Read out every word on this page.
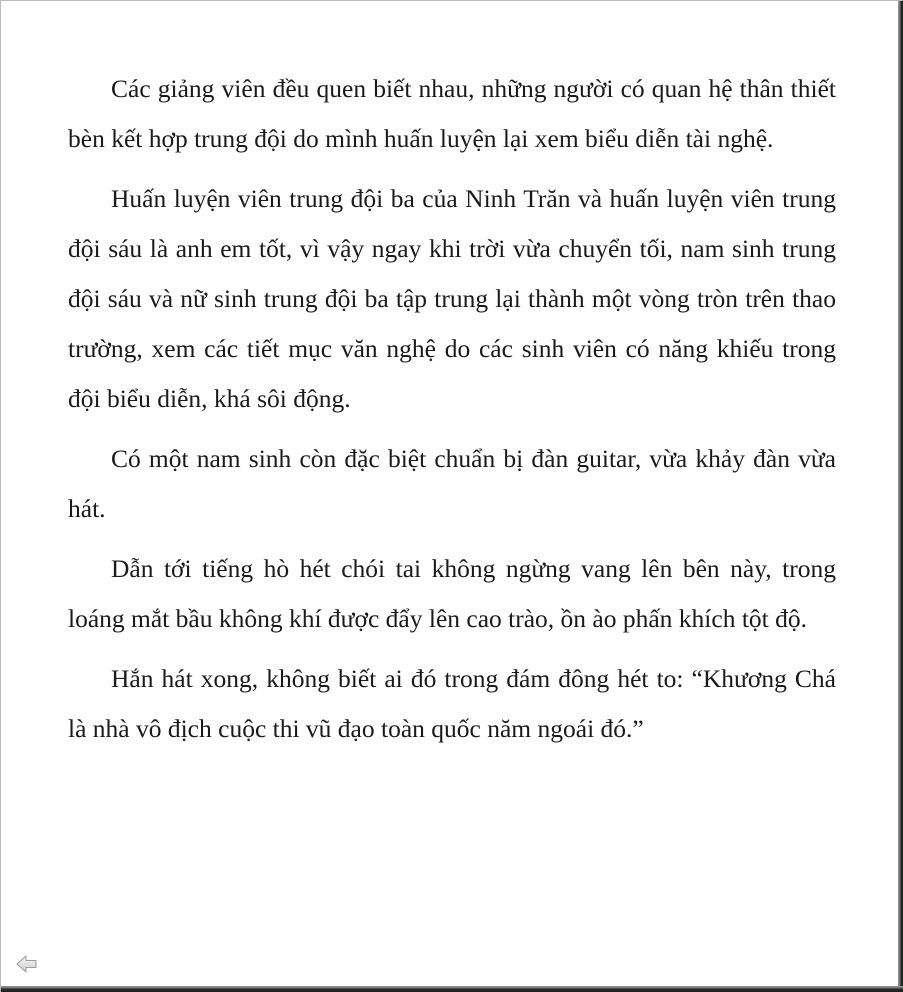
Các giảng viên đều quen biết nhau, những người có quan hệ thân thiết bèn kết hợp trung đội do mình huấn luyện lại xem biểu diễn tài nghệ.

Huấn luyện viên trung đội ba của Ninh Trăn và huấn luyện viên trung đội sáu là anh em tốt, vì vậy ngay khi trời vừa chuyển tối, nam sinh trung đội sáu và nữ sinh trung đội ba tập trung lại thành một vòng tròn trên thao trường, xem các tiết mục văn nghệ do các sinh viên có năng khiếu trong đội biểu diễn, khá sôi động.

Có một nam sinh còn đặc biệt chuẩn bị đàn guitar, vừa khảy đàn vừa hát.

Dẫn tới tiếng hò hét chói tai không ngừng vang lên bên này, trong loáng mắt bầu không khí được đẩy lên cao trào, ồn ào phấn khích tột độ.

Hắn hát xong, không biết ai đó trong đám đông hét to: “Khương Chá là nhà vô địch cuộc thi vũ đạo toàn quốc năm ngoái đó.”
